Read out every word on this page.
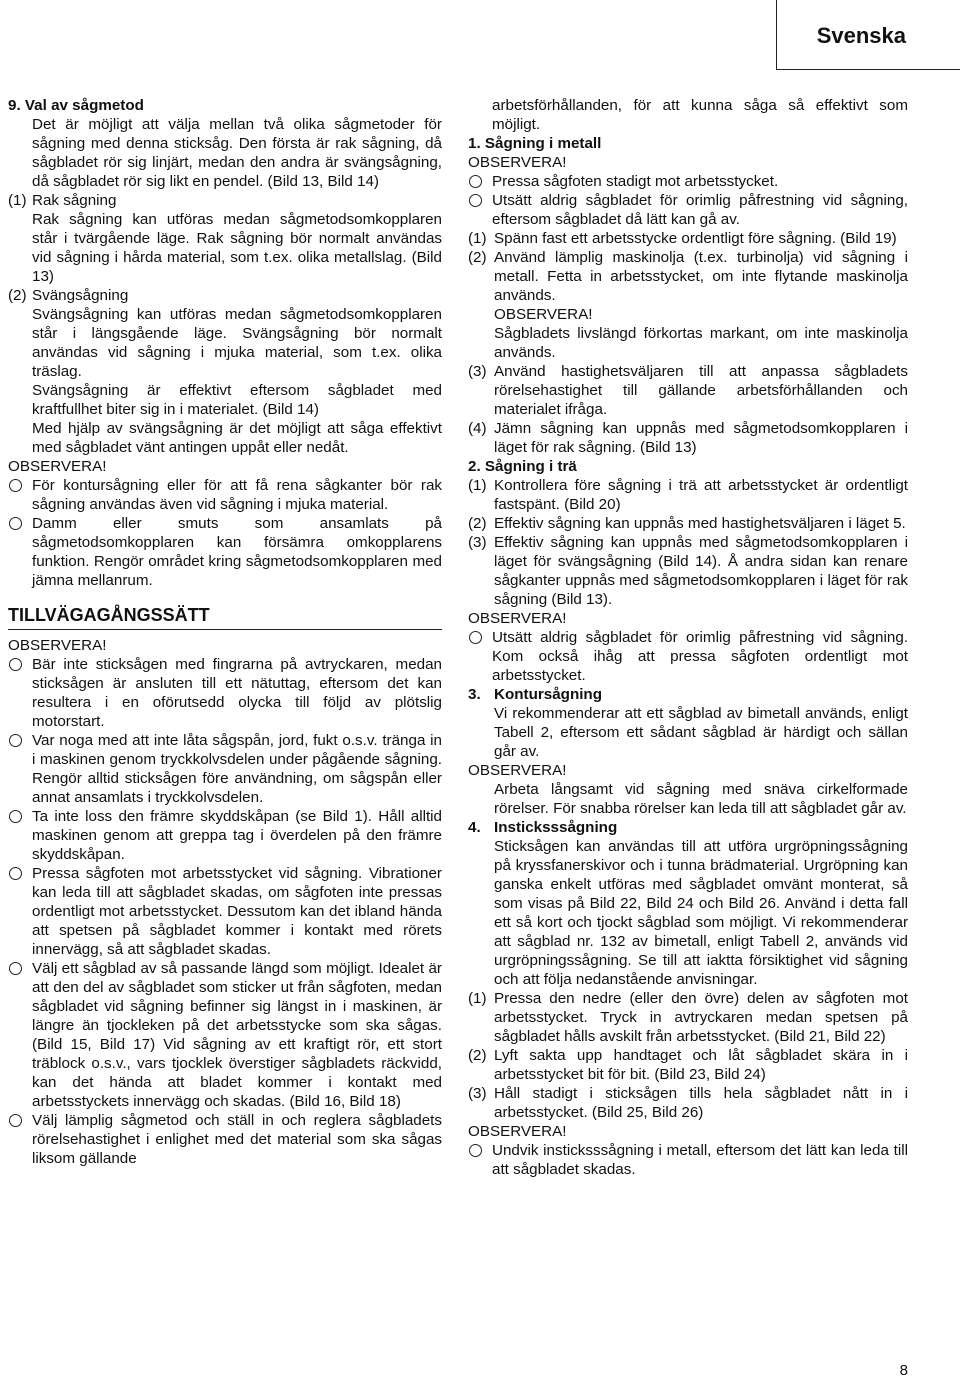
Svenska

9. Val av sågmetod

Det är möjligt att välja mellan två olika sågmetoder för sågning med denna sticksåg. Den första är rak sågning, då sågbladet rör sig linjärt, medan den andra är svängsågning, då sågbladet rör sig likt en pendel. (Bild 13, Bild 14)

(1) Rak sågning

Rak sågning kan utföras medan sågmetodsomkopplaren står i tvärgående läge. Rak sågning bör normalt användas vid sågning i hårda material, som t.ex. olika metallslag. (Bild 13)

(2) Svängsågning

Svängsågning kan utföras medan sågmetodsomkopplaren står i längsgående läge. Svängsågning bör normalt användas vid sågning i mjuka material, som t.ex. olika träslag.

Svängsågning är effektivt eftersom sågbladet med kraftfullhet biter sig in i materialet. (Bild 14)

Med hjälp av svängsågning är det möjligt att såga effektivt med sågbladet vänt antingen uppåt eller nedåt.

OBSERVERA!

För kontursågning eller för att få rena sågkanter bör rak sågning användas även vid sågning i mjuka material.
Damm eller smuts som ansamlats på sågmetodsomkopplaren kan försämra omkopplarens funktion. Rengör området kring sågmetodsomkopplaren med jämna mellanrum.
TILLVÄGAGÅNGSSÄTT

OBSERVERA!

Bär inte sticksågen med fingrarna på avtryckaren, medan sticksågen är ansluten till ett nätuttag, eftersom det kan resultera i en oförutsedd olycka till följd av plötslig motorstart.
Var noga med att inte låta sågspån, jord, fukt o.s.v. tränga in i maskinen genom tryckkolvsdelen under pågående sågning. Rengör alltid sticksågen före användning, om sågspån eller annat ansamlats i tryckkolvsdelen.
Ta inte loss den främre skyddskåpan (se Bild 1). Håll alltid maskinen genom att greppa tag i överdelen på den främre skyddskåpan.
Pressa sågfoten mot arbetsstycket vid sågning. Vibrationer kan leda till att sågbladet skadas, om sågfoten inte pressas ordentligt mot arbetsstycket. Dessutom kan det ibland hända att spetsen på sågbladet kommer i kontakt med rörets innervägg, så att sågbladet skadas.
Välj ett sågblad av så passande längd som möjligt. Idealet är att den del av sågbladet som sticker ut från sågfoten, medan sågbladet vid sågning befinner sig längst in i maskinen, är längre än tjockleken på det arbetsstycke som ska sågas. (Bild 15, Bild 17) Vid sågning av ett kraftigt rör, ett stort träblock o.s.v., vars tjocklek överstiger sågbladets räckvidd, kan det hända att bladet kommer i kontakt med arbetsstyckets innervägg och skadas. (Bild 16, Bild 18)
Välj lämplig sågmetod och ställ in och reglera sågbladets rörelsehastighet i enlighet med det material som ska sågas liksom gällande

arbetsförhållanden, för att kunna såga så effektivt som möjligt.

1. Sågning i metall

OBSERVERA!

Pressa sågfoten stadigt mot arbetsstycket.
Utsätt aldrig sågbladet för orimlig påfrestning vid sågning, eftersom sågbladet då lätt kan gå av.
(1) Spänn fast ett arbetsstycke ordentligt före sågning. (Bild 19)
(2) Använd lämplig maskinolja (t.ex. turbinolja) vid sågning i metall. Fetta in arbetsstycket, om inte flytande maskinolja används.

OBSERVERA!

Sågbladets livslängd förkortas markant, om inte maskinolja används.

(3) Använd hastighetsväljaren till att anpassa sågbladets rörelsehastighet till gällande arbetsförhållanden och materialet ifråga.
(4) Jämn sågning kan uppnås med sågmetodsomkopplaren i läget för rak sågning. (Bild 13)

2. Sågning i trä

(1) Kontrollera före sågning i trä att arbetsstycket är ordentligt fastspänt. (Bild 20)
(2) Effektiv sågning kan uppnås med hastighetsväljaren i läget 5.
(3) Effektiv sågning kan uppnås med sågmetodsomkopplaren i läget för svängsågning (Bild 14). Å andra sidan kan renare sågkanter uppnås med sågmetodsomkopplaren i läget för rak sågning (Bild 13).

OBSERVERA!

Utsätt aldrig sågbladet för orimlig påfrestning vid sågning. Kom också ihåg att pressa sågfoten ordentligt mot arbetsstycket.
3. Kontursågning

Vi rekommenderar att ett sågblad av bimetall används, enligt Tabell 2, eftersom ett sådant sågblad är härdigt och sällan går av.

OBSERVERA!

Arbeta långsamt vid sågning med snäva cirkelformade rörelser. För snabba rörelser kan leda till att sågbladet går av.

4. Insticksssågning

Sticksågen kan användas till att utföra urgröpningssågning på kryssfanerskivor och i tunna brädmaterial. Urgröpning kan ganska enkelt utföras med sågbladet omvänt monterat, så som visas på Bild 22, Bild 24 och Bild 26. Använd i detta fall ett så kort och tjockt sågblad som möjligt. Vi rekommenderar att sågblad nr. 132 av bimetall, enligt Tabell 2, används vid urgröpningssågning. Se till att iaktta försiktighet vid sågning och att följa nedanstående anvisningar.

(1) Pressa den nedre (eller den övre) delen av sågfoten mot arbetsstycket. Tryck in avtryckaren medan spetsen på sågbladet hålls avskilt från arbetsstycket. (Bild 21, Bild 22)
(2) Lyft sakta upp handtaget och låt sågbladet skära in i arbetsstycket bit för bit. (Bild 23, Bild 24)
(3) Håll stadigt i sticksågen tills hela sågbladet nått in i arbetsstycket. (Bild 25, Bild 26)

OBSERVERA!

Undvik insticksssågning i metall, eftersom det lätt kan leda till att sågbladet skadas.
8
